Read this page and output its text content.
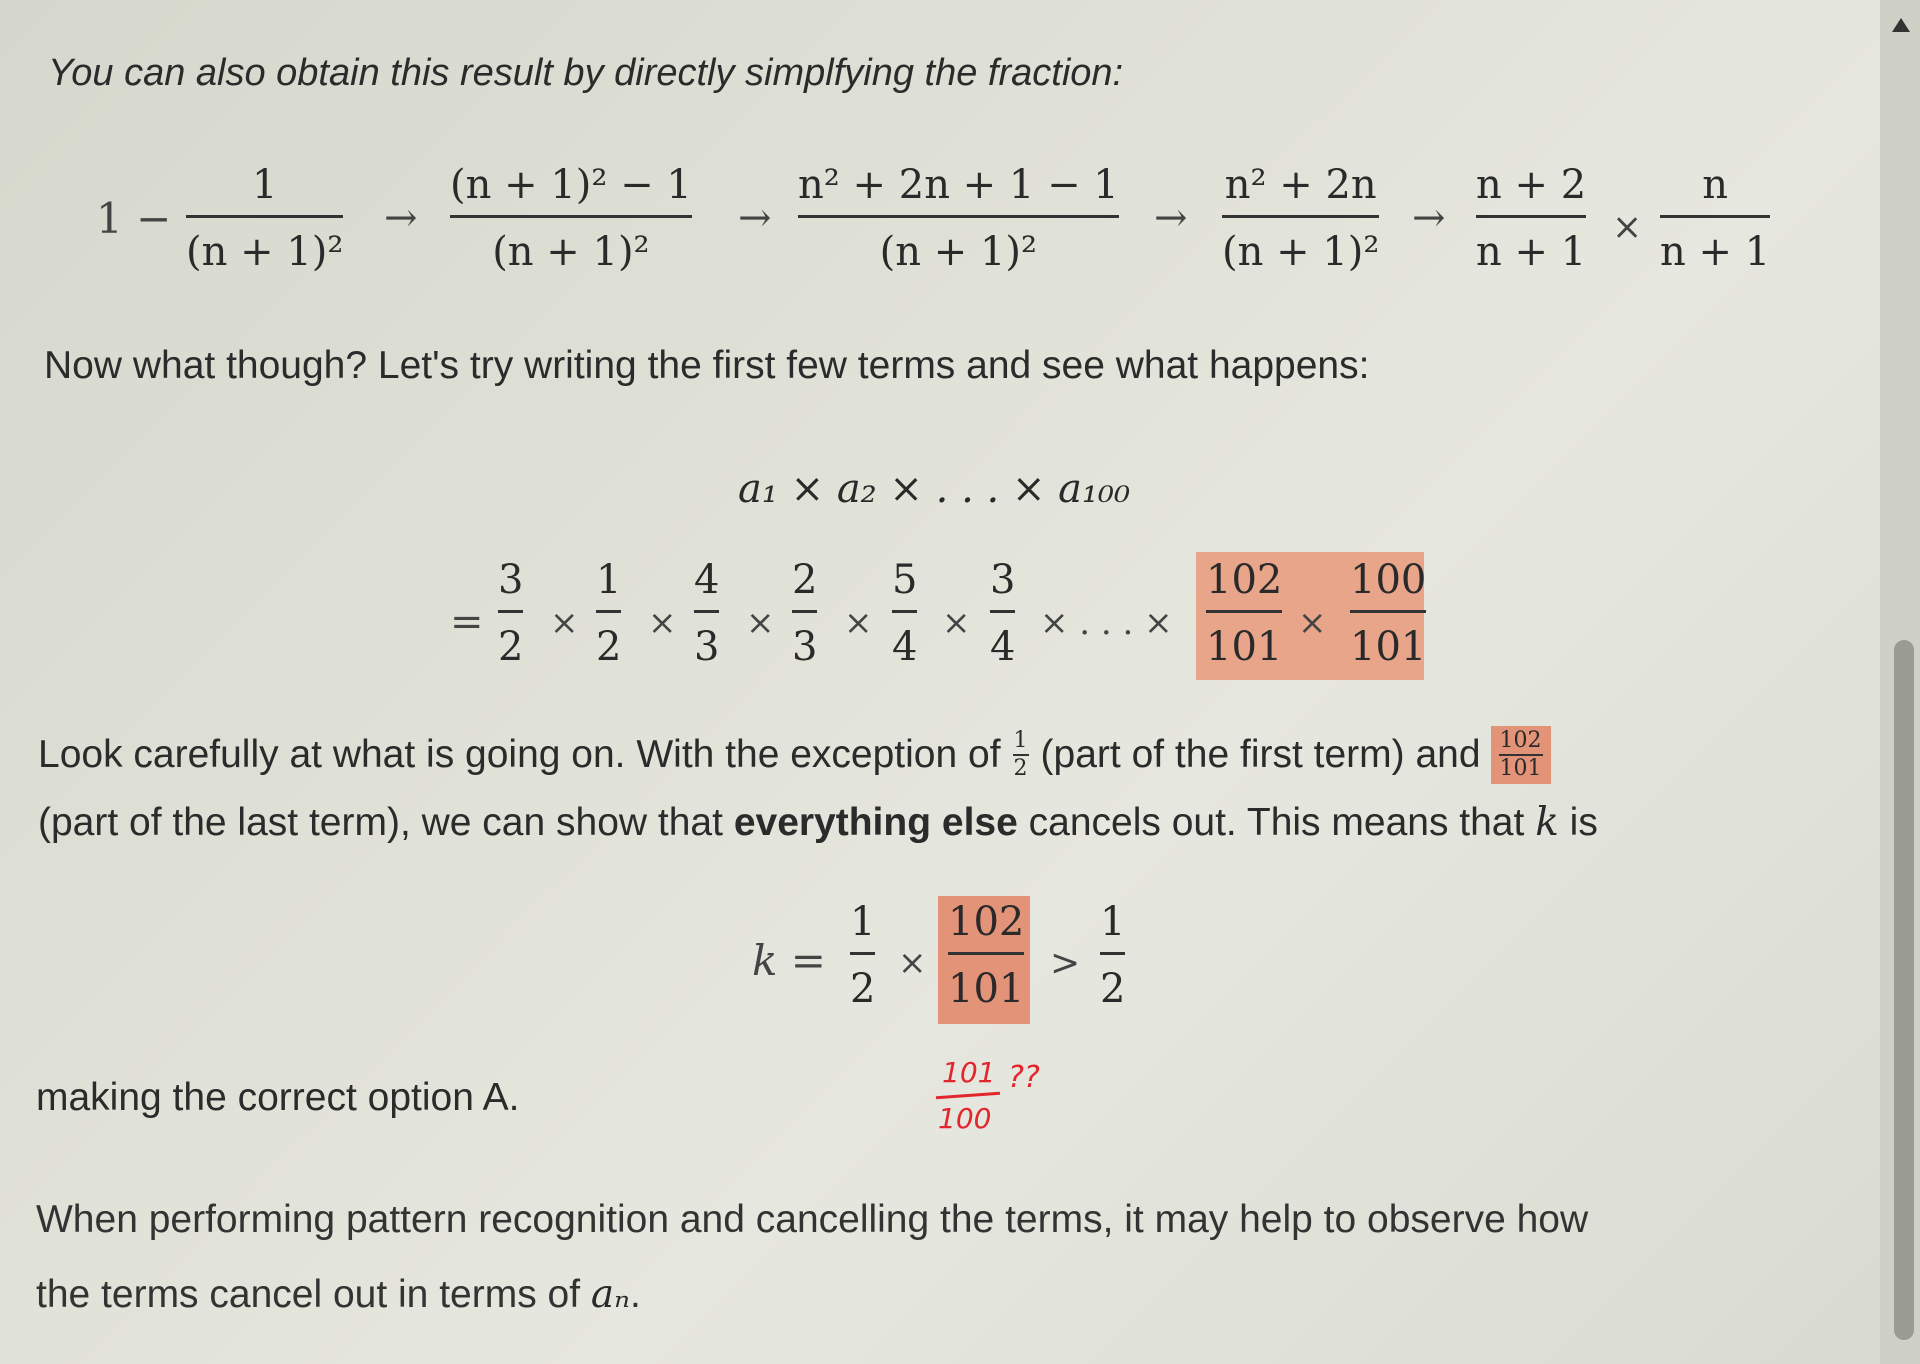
You can also obtain this result by directly simplfying the fraction:
1 −
1
(n + 1)²
→
(n + 1)² − 1
(n + 1)²
→
n² + 2n + 1 − 1
(n + 1)²
→
n² + 2n
(n + 1)²
→
n + 2
n + 1
×
n
n + 1
Now what though? Let's try writing the first few terms and see what happens:
a₁ × a₂ × . . . × a₁₀₀
=
3
2
×
1
2
×
4
3
×
2
3
×
5
4
×
3
4
× . . . ×
102
101
×
100
101
Look carefully at what is going on. With the exception of 1
2 (part of the first term) and 102
101
(part of the last term), we can show that everything else cancels out. This means that k is
k =
1
2
×
102
101
>
1
2
making the correct option A.
101
100
??
When performing pattern recognition and cancelling the terms, it may help to observe how
the terms cancel out in terms of aₙ.
